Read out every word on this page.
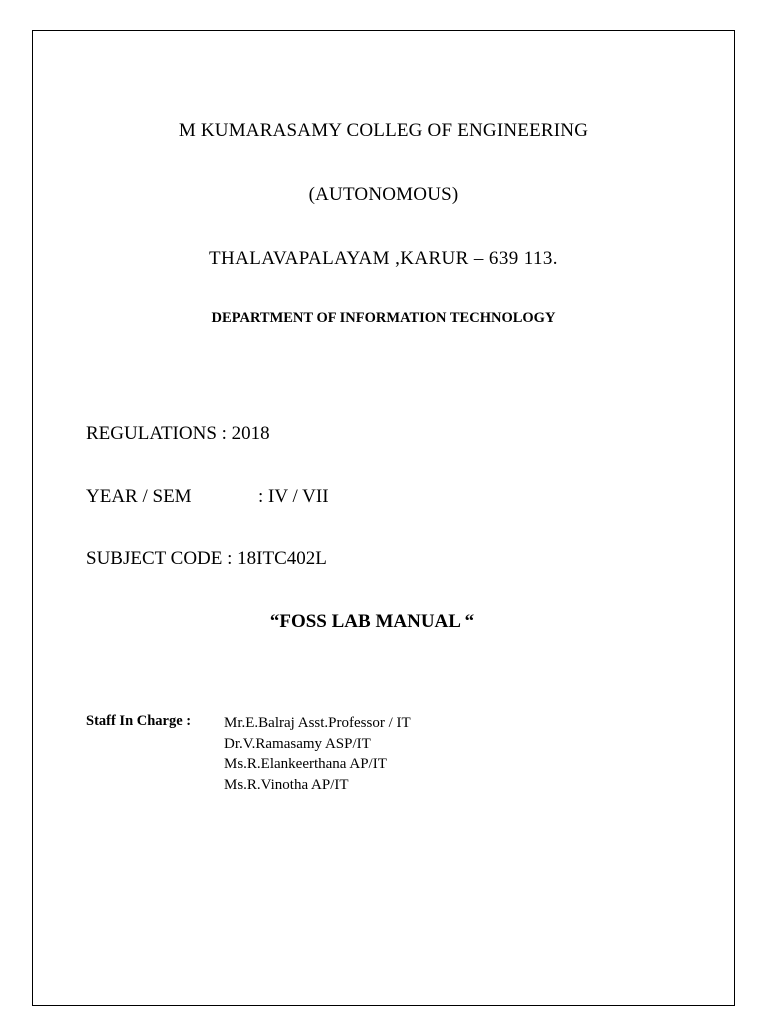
M KUMARASAMY COLLEG OF ENGINEERING
(AUTONOMOUS)
THALAVAPALAYAM ,KARUR – 639 113.
DEPARTMENT OF INFORMATION TECHNOLOGY
REGULATIONS : 2018
YEAR / SEM	: IV / VII
SUBJECT CODE : 18ITC402L
“FOSS LAB MANUAL “
Staff In Charge : Mr.E.Balraj Asst.Professor / IT
Dr.V.Ramasamy ASP/IT
Ms.R.Elankeerthana AP/IT
Ms.R.Vinotha AP/IT
